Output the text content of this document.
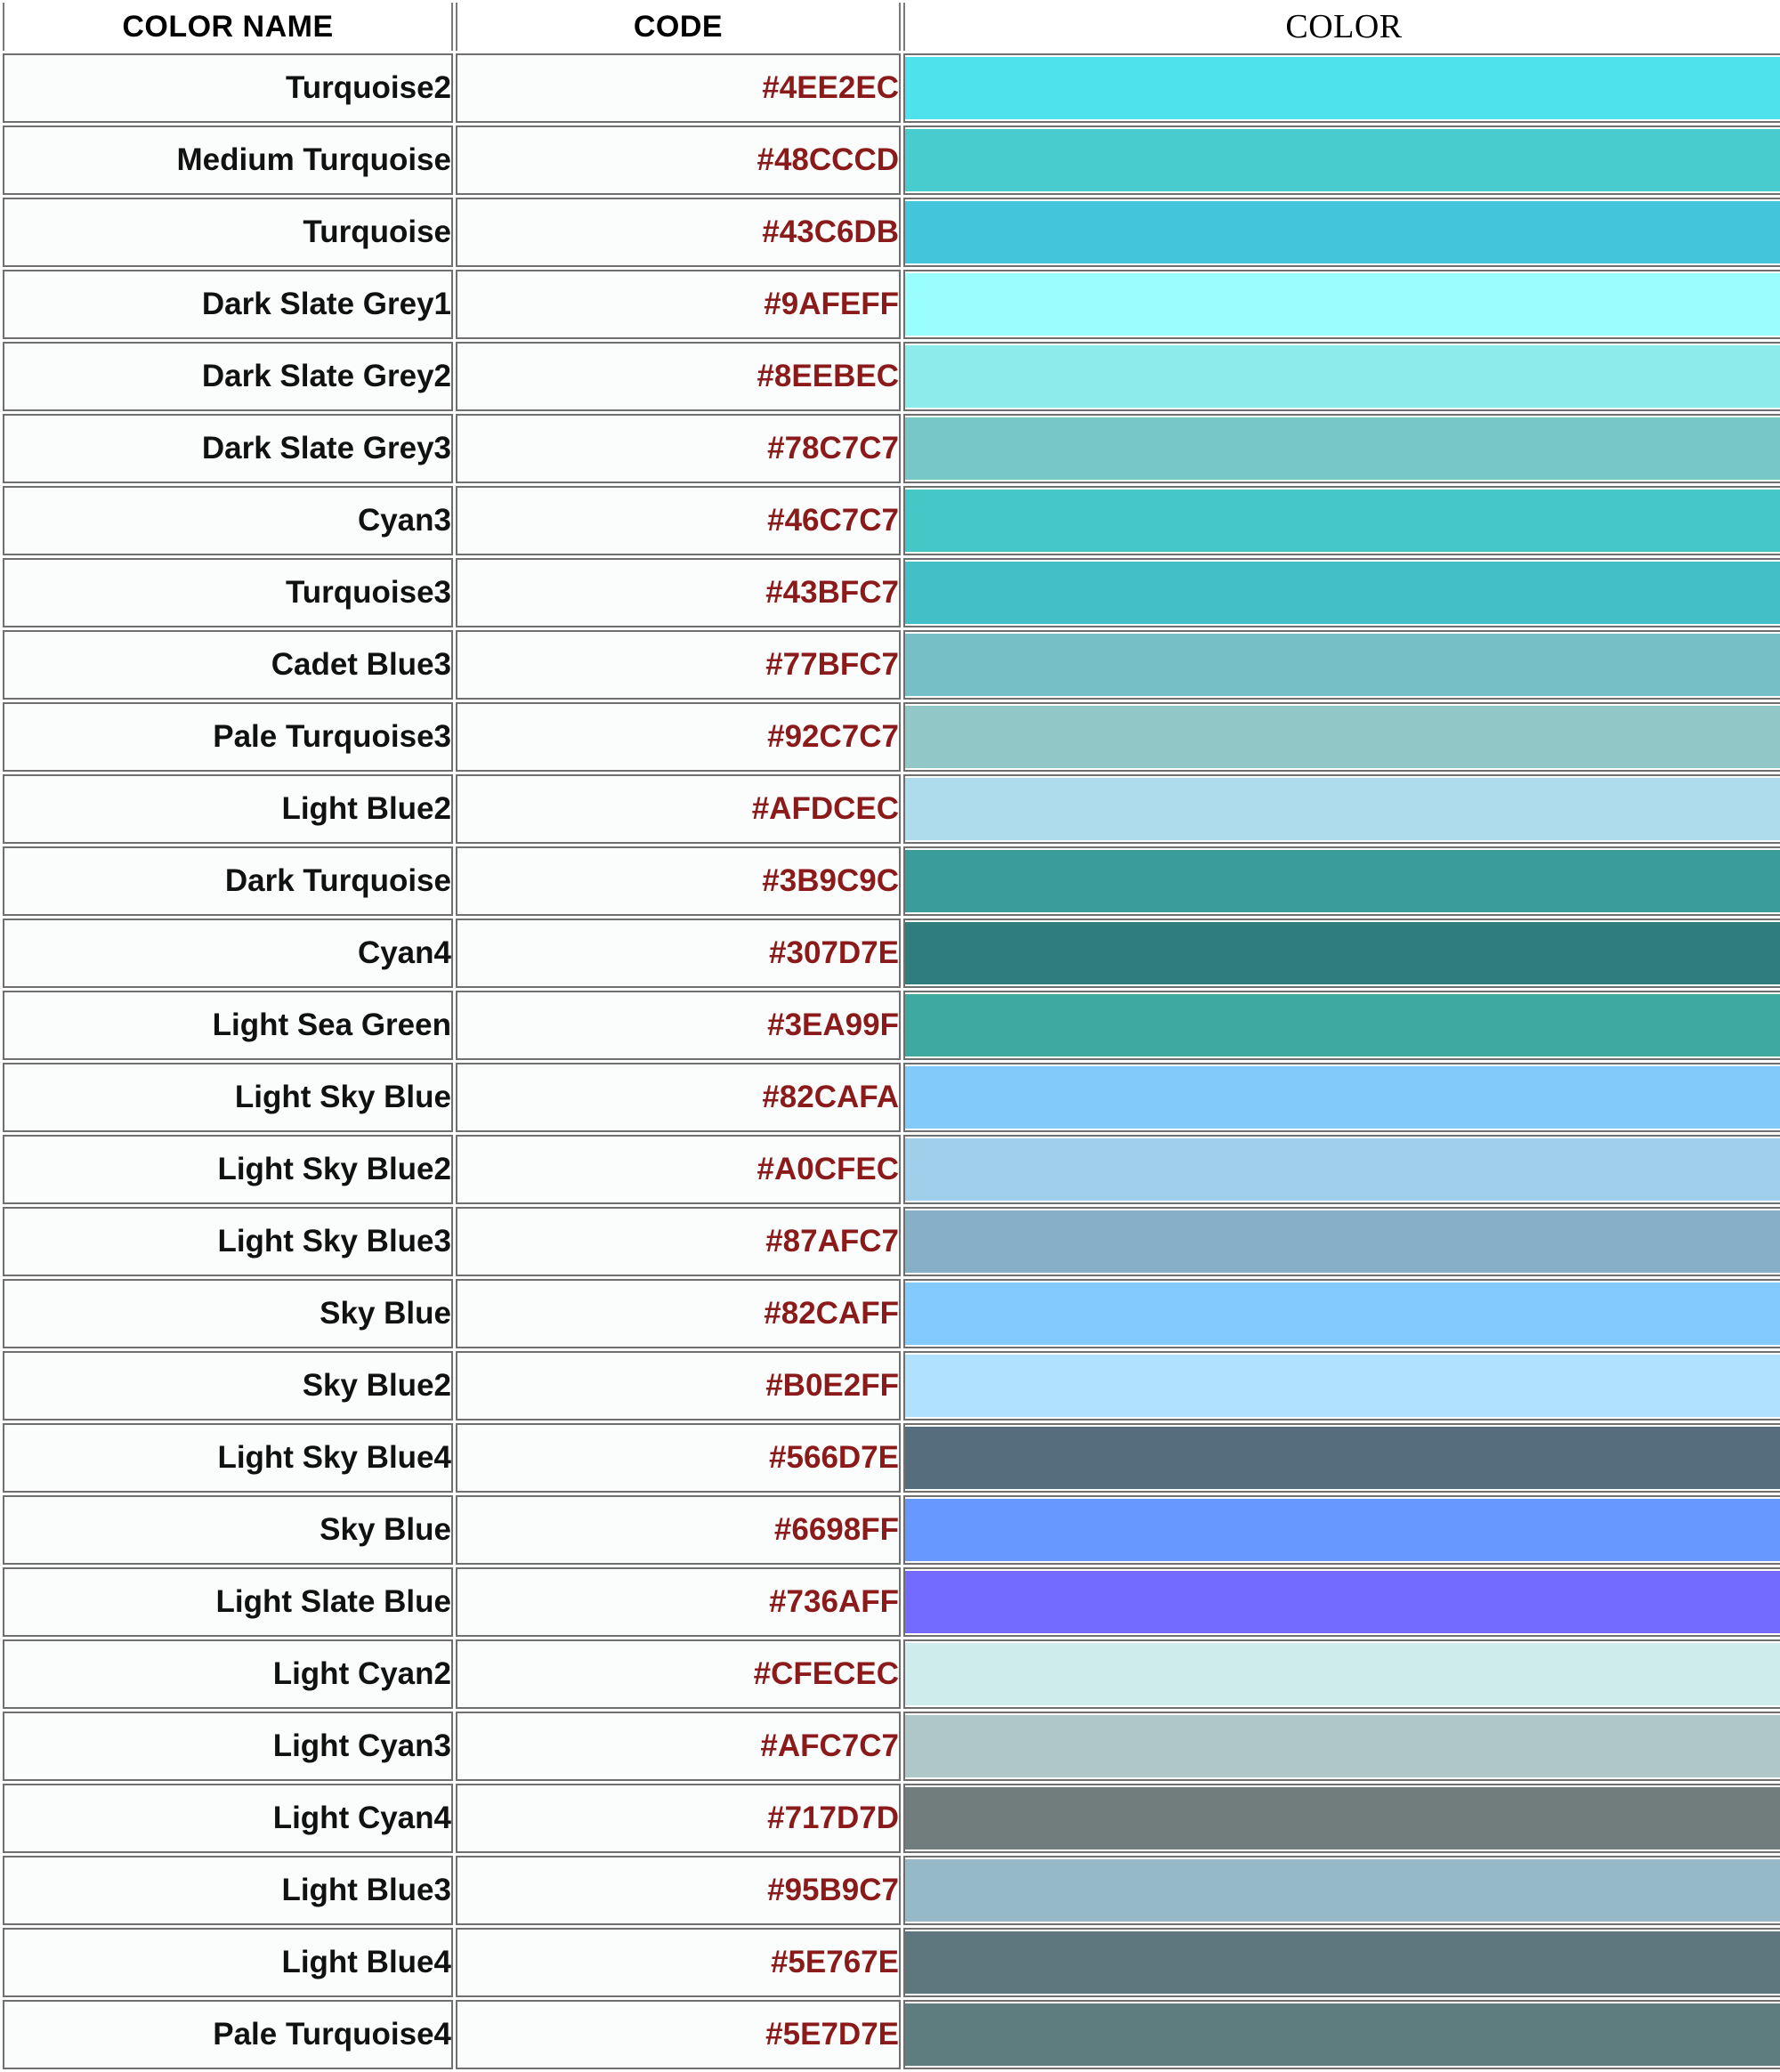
COLOR NAME	CODE	COLOR
Turquoise2	#4EE2EC	

Medium Turquoise	#48CCCD	

Turquoise	#43C6DB	

Dark Slate Grey1	#9AFEFF	

Dark Slate Grey2	#8EEBEC	

Dark Slate Grey3	#78C7C7	

Cyan3	#46C7C7	

Turquoise3	#43BFC7	

Cadet Blue3	#77BFC7	

Pale Turquoise3	#92C7C7	

Light Blue2	#AFDCEC	

Dark Turquoise	#3B9C9C	

Cyan4	#307D7E	

Light Sea Green	#3EA99F	

Light Sky Blue	#82CAFA	

Light Sky Blue2	#A0CFEC	

Light Sky Blue3	#87AFC7	

Sky Blue	#82CAFF	

Sky Blue2	#B0E2FF	

Light Sky Blue4	#566D7E	

Sky Blue	#6698FF	

Light Slate Blue	#736AFF	

Light Cyan2	#CFECEC	

Light Cyan3	#AFC7C7	

Light Cyan4	#717D7D	

Light Blue3	#95B9C7	

Light Blue4	#5E767E	

Pale Turquoise4	#5E7D7E	
